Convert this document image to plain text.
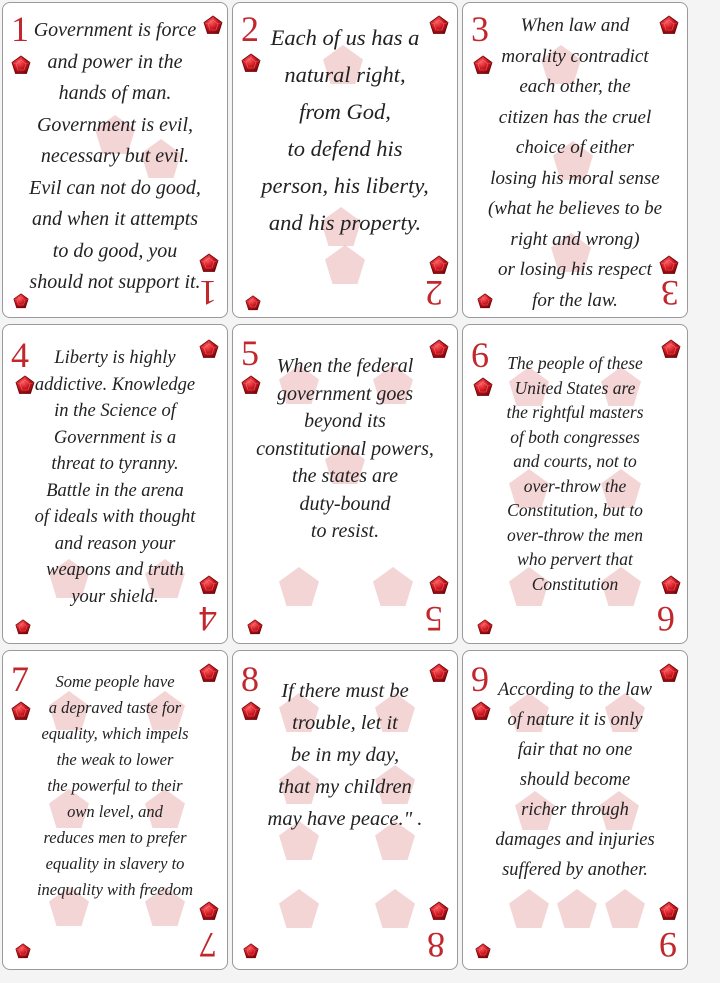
1
1
Government is force
and power in the
hands of man.
Government is evil,
necessary but evil.
Evil can not do good,
and when it attempts
to do good, you
should not support it.
2
2
Each of us has a
natural right,
from God,
to defend his
person, his liberty,
and his property.
3
3
When law and
morality contradict
each other, the
citizen has the cruel
choice of either
losing his moral sense
(what he believes to be
right and wrong)
or losing his respect
for the law.
4
4
Liberty is highly
addictive. Knowledge
in the Science of
Government is a
threat to tyranny.
Battle in the arena
of ideals with thought
and reason your
weapons and truth
your shield.
5
5
When the federal
government goes
beyond its
constitutional powers,
the states are
duty-bound
to resist.
6
6
The people of these
United States are
the rightful masters
of both congresses
and courts, not to
over-throw the
Constitution, but to
over-throw the men
who pervert that
Constitution
7
7
Some people have
a depraved taste for
equality, which impels
the weak to lower
the powerful to their
own level, and
reduces men to prefer
equality in slavery to
inequality with freedom
8
8
If there must be
trouble, let it
be in my day,
that my children
may have peace." .
9
9
According to the law
of nature it is only
fair that no one
should become
richer through
damages and injuries
suffered by another.
